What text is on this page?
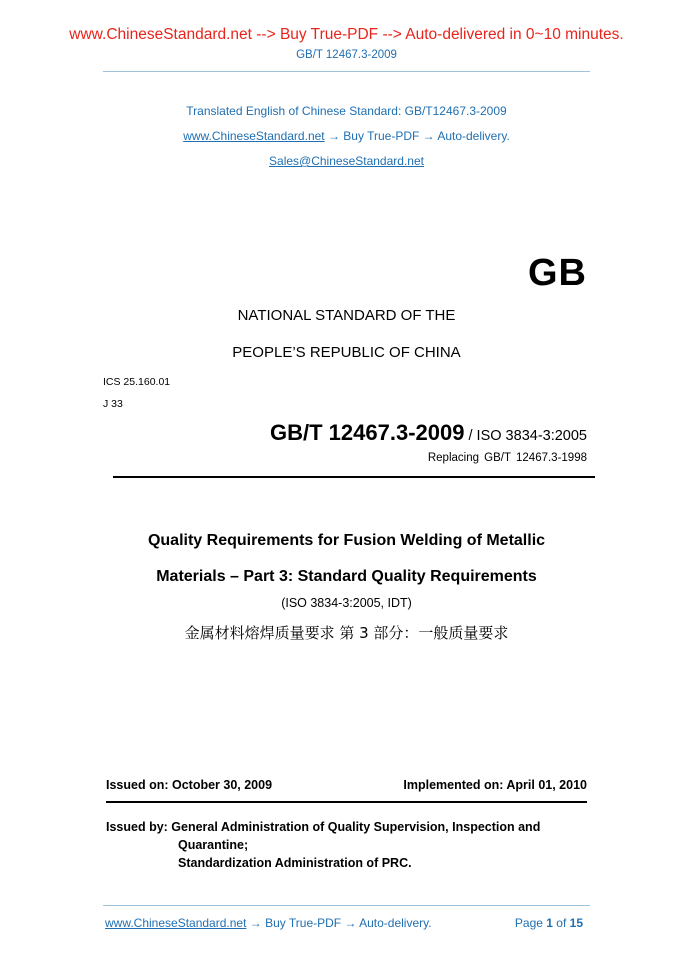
www.ChineseStandard.net --> Buy True-PDF --> Auto-delivered in 0~10 minutes.
GB/T 12467.3-2009
Translated English of Chinese Standard: GB/T12467.3-2009
www.ChineseStandard.net → Buy True-PDF → Auto-delivery.
Sales@ChineseStandard.net
GB
NATIONAL STANDARD OF THE
PEOPLE’S REPUBLIC OF CHINA
ICS 25.160.01
J 33
GB/T 12467.3-2009 / ISO 3834-3:2005
Replacing GB/T 12467.3-1998
Quality Requirements for Fusion Welding of Metallic
Materials – Part 3: Standard Quality Requirements
(ISO 3834-3:2005, IDT)
金属材料熔焊质量要求 第 3 部分：一般质量要求
Issued on: October 30, 2009	Implemented on: April 01, 2010
Issued by: General Administration of Quality Supervision, Inspection and
Quarantine;
Standardization Administration of PRC.
www.ChineseStandard.net → Buy True-PDF → Auto-delivery.	Page 1 of 15
